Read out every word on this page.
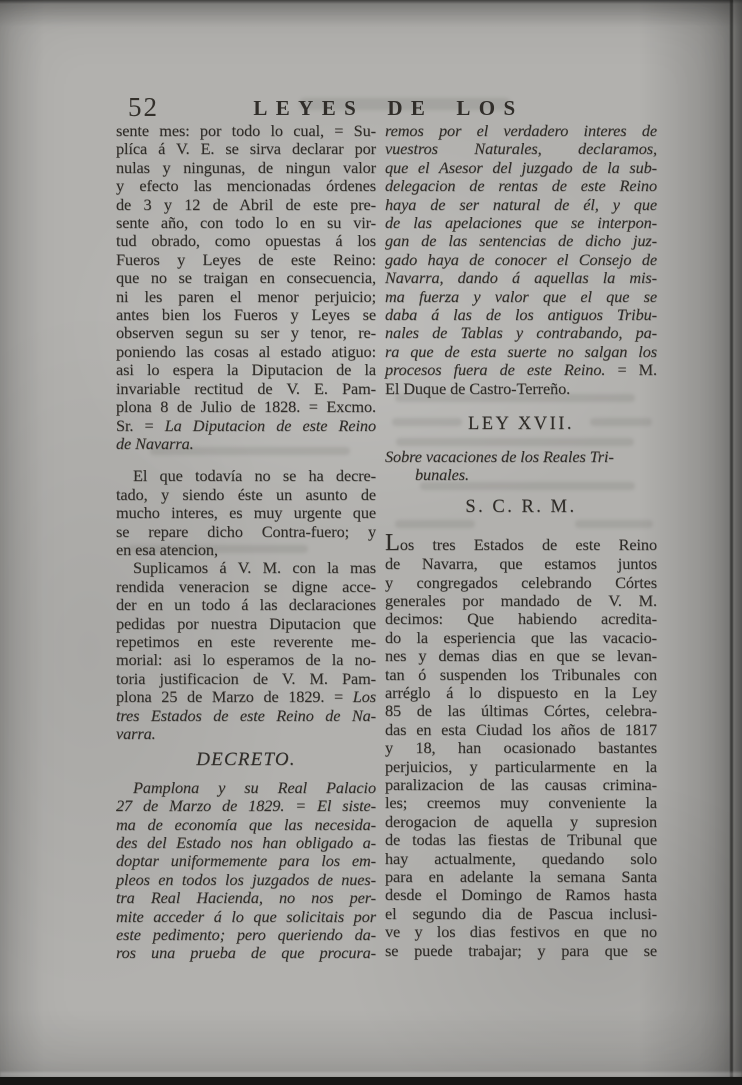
52	LEYES DE LOS
sente mes: por todo lo cual, = Su-
plíca á V. E. se sirva declarar por
nulas y ningunas, de ningun valor
y efecto las mencionadas órdenes
de 3 y 12 de Abril de este pre-
sente año, con todo lo en su vir-
tud obrado, como opuestas á los
Fueros y Leyes de este Reino:
que no se traigan en consecuencia,
ni les paren el menor perjuicio;
antes bien los Fueros y Leyes se
observen segun su ser y tenor, re-
poniendo las cosas al estado atiguo:
asi lo espera la Diputacion de la
invariable rectitud de V. E. Pam-
plona 8 de Julio de 1828. = Excmo.
Sr. = La Diputacion de este Reino
de Navarra.
El que todavía no se ha decre-
tado, y siendo éste un asunto de
mucho interes, es muy urgente que
se repare dicho Contra-fuero; y
en esa atencion,
Suplicamos á V. M. con la mas
rendida veneracion se digne acce-
der en un todo á las declaraciones
pedidas por nuestra Diputacion que
repetimos en este reverente me-
morial: asi lo esperamos de la no-
toria justificacion de V. M. Pam-
plona 25 de Marzo de 1829. = Los
tres Estados de este Reino de Na-
varra.
DECRETO.
Pamplona y su Real Palacio
27 de Marzo de 1829. = El siste-
ma de economía que las necesida-
des del Estado nos han obligado a-
doptar uniformemente para los em-
pleos en todos los juzgados de nues-
tra Real Hacienda, no nos per-
mite acceder á lo que solicitais por
este pedimento; pero queriendo da-
ros una prueba de que procura-
remos por el verdadero interes de
vuestros Naturales, declaramos,
que el Asesor del juzgado de la sub-
delegacion de rentas de este Reino
haya de ser natural de él, y que
de las apelaciones que se interpon-
gan de las sentencias de dicho juz-
gado haya de conocer el Consejo de
Navarra, dando á aquellas la mis-
ma fuerza y valor que el que se
daba á las de los antiguos Tribu-
nales de Tablas y contrabando, pa-
ra que de esta suerte no salgan los
procesos fuera de este Reino. = M.
El Duque de Castro-Terreño.
LEY XVII.
Sobre vacaciones de los Reales Tri-
bunales.
S. C. R. M.
Los tres Estados de este Reino
de Navarra, que estamos juntos
y congregados celebrando Córtes
generales por mandado de V. M.
decimos: Que habiendo acredita-
do la esperiencia que las vacacio-
nes y demas dias en que se levan-
tan ó suspenden los Tribunales con
arréglo á lo dispuesto en la Ley
85 de las últimas Córtes, celebra-
das en esta Ciudad los años de 1817
y 18, han ocasionado bastantes
perjuicios, y particularmente en la
paralizacion de las causas crimina-
les; creemos muy conveniente la
derogacion de aquella y supresion
de todas las fiestas de Tribunal que
hay actualmente, quedando solo
para en adelante la semana Santa
desde el Domingo de Ramos hasta
el segundo dia de Pascua inclusi-
ve y los dias festivos en que no
se puede trabajar; y para que se
